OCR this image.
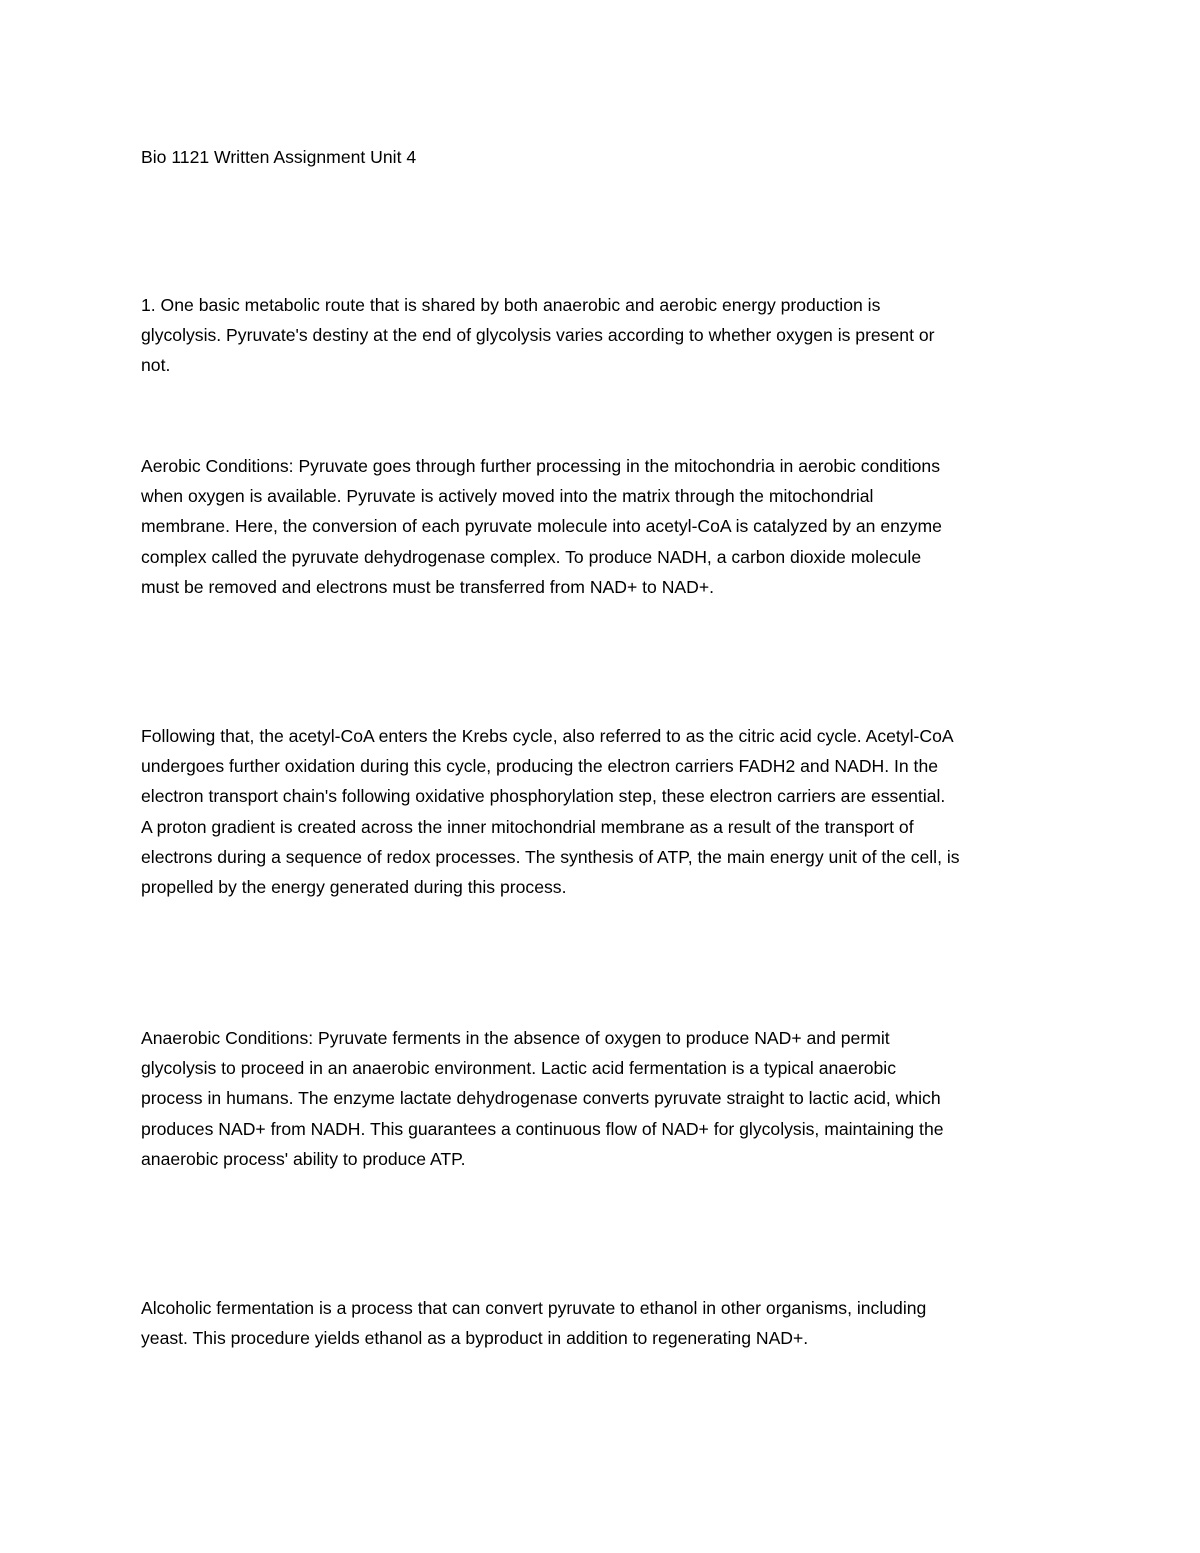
Bio 1121 Written Assignment Unit 4

1. One basic metabolic route that is shared by both anaerobic and aerobic energy production is
glycolysis. Pyruvate's destiny at the end of glycolysis varies according to whether oxygen is present or
not.

Aerobic Conditions: Pyruvate goes through further processing in the mitochondria in aerobic conditions
when oxygen is available. Pyruvate is actively moved into the matrix through the mitochondrial
membrane. Here, the conversion of each pyruvate molecule into acetyl-CoA is catalyzed by an enzyme
complex called the pyruvate dehydrogenase complex. To produce NADH, a carbon dioxide molecule
must be removed and electrons must be transferred from NAD+ to NAD+.

Following that, the acetyl-CoA enters the Krebs cycle, also referred to as the citric acid cycle. Acetyl-CoA
undergoes further oxidation during this cycle, producing the electron carriers FADH2 and NADH. In the
electron transport chain's following oxidative phosphorylation step, these electron carriers are essential.
A proton gradient is created across the inner mitochondrial membrane as a result of the transport of
electrons during a sequence of redox processes. The synthesis of ATP, the main energy unit of the cell, is
propelled by the energy generated during this process.

Anaerobic Conditions: Pyruvate ferments in the absence of oxygen to produce NAD+ and permit
glycolysis to proceed in an anaerobic environment. Lactic acid fermentation is a typical anaerobic
process in humans. The enzyme lactate dehydrogenase converts pyruvate straight to lactic acid, which
produces NAD+ from NADH. This guarantees a continuous flow of NAD+ for glycolysis, maintaining the
anaerobic process' ability to produce ATP.

Alcoholic fermentation is a process that can convert pyruvate to ethanol in other organisms, including
yeast. This procedure yields ethanol as a byproduct in addition to regenerating NAD+.
